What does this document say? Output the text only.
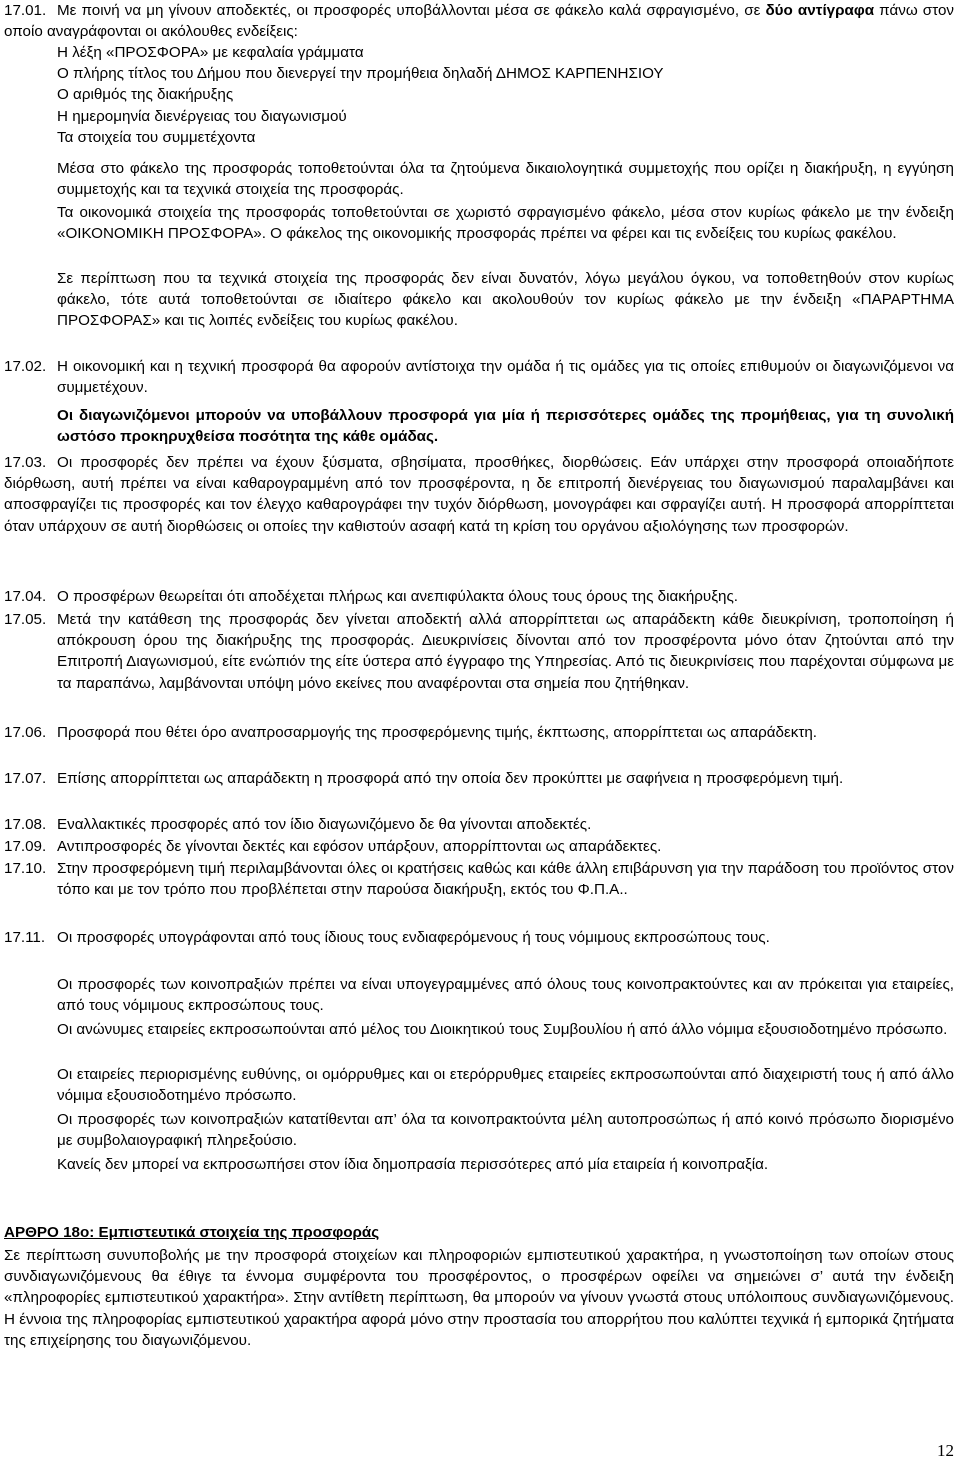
17.01. Με ποινή να μη γίνουν αποδεκτές, οι προσφορές υποβάλλονται μέσα σε φάκελο καλά σφραγισμένο, σε δύο αντίγραφα πάνω στον οποίο αναγράφονται οι ακόλουθες ενδείξεις:

Η λέξη «ΠΡΟΣΦΟΡΑ» με κεφαλαία γράμματα
Ο πλήρης τίτλος του Δήμου που διενεργεί την προμήθεια δηλαδή ΔΗΜΟΣ ΚΑΡΠΕΝΗΣΙΟΥ
Ο αριθμός της διακήρυξης
Η ημερομηνία διενέργειας του διαγωνισμού
Τα στοιχεία του συμμετέχοντα

Μέσα στο φάκελο της προσφοράς τοποθετούνται όλα τα ζητούμενα δικαιολογητικά συμμετοχής που ορίζει η διακήρυξη, η εγγύηση συμμετοχής και τα τεχνικά στοιχεία της προσφοράς.

Τα οικονομικά στοιχεία της προσφοράς τοποθετούνται σε χωριστό σφραγισμένο φάκελο, μέσα στον κυρίως φάκελο με την ένδειξη «ΟΙΚΟΝΟΜΙΚΗ ΠΡΟΣΦΟΡΑ». Ο φάκελος της οικονομικής προσφοράς πρέπει να φέρει και τις ενδείξεις του κυρίως φακέλου.

Σε περίπτωση που τα τεχνικά στοιχεία της προσφοράς δεν είναι δυνατόν, λόγω μεγάλου όγκου, να τοποθετηθούν στον κυρίως φάκελο, τότε αυτά τοποθετούνται σε ιδιαίτερο φάκελο και ακολουθούν τον κυρίως φάκελο με την ένδειξη «ΠΑΡΑΡΤΗΜΑ ΠΡΟΣΦΟΡΑΣ» και τις λοιπές ενδείξεις του κυρίως φακέλου.

17.02. Η οικονομική και η τεχνική προσφορά θα αφορούν αντίστοιχα την ομάδα ή τις ομάδες για τις οποίες επιθυμούν οι διαγωνιζόμενοι να συμμετέχουν.

Οι διαγωνιζόμενοι μπορούν να υποβάλλουν προσφορά για μία ή περισσότερες ομάδες της προμήθειας, για τη συνολική ωστόσο προκηρυχθείσα ποσότητα της κάθε ομάδας.

17.03. Οι προσφορές δεν πρέπει να έχουν ξύσματα, σβησίματα, προσθήκες, διορθώσεις. Εάν υπάρχει στην προσφορά οποιαδήποτε διόρθωση, αυτή πρέπει να είναι καθαρογραμμένη από τον προσφέροντα, η δε επιτροπή διενέργειας του διαγωνισμού παραλαμβάνει και αποσφραγίζει τις προσφορές και τον έλεγχο καθαρογράφει την τυχόν διόρθωση, μονογράφει και σφραγίζει αυτή. Η προσφορά απορρίπτεται όταν υπάρχουν σε αυτή διορθώσεις οι οποίες την καθιστούν ασαφή κατά τη κρίση του οργάνου αξιολόγησης των προσφορών.

17.04. Ο προσφέρων θεωρείται ότι αποδέχεται πλήρως και ανεπιφύλακτα όλους τους όρους της διακήρυξης.

17.05. Μετά την κατάθεση της προσφοράς δεν γίνεται αποδεκτή αλλά απορρίπτεται ως απαράδεκτη κάθε διευκρίνιση, τροποποίηση ή απόκρουση όρου της διακήρυξης της προσφοράς. Διευκρινίσεις δίνονται από τον προσφέροντα μόνο όταν ζητούνται από την Επιτροπή Διαγωνισμού, είτε ενώπιόν της είτε ύστερα από έγγραφο της Υπηρεσίας. Από τις διευκρινίσεις που παρέχονται σύμφωνα με τα παραπάνω, λαμβάνονται υπόψη μόνο εκείνες που αναφέρονται στα σημεία που ζητήθηκαν.

17.06. Προσφορά που θέτει όρο αναπροσαρμογής της προσφερόμενης τιμής, έκπτωσης, απορρίπτεται ως απαράδεκτη.

17.07. Επίσης απορρίπτεται ως απαράδεκτη η προσφορά από την οποία δεν προκύπτει με σαφήνεια η προσφερόμενη τιμή.

17.08. Εναλλακτικές προσφορές από τον ίδιο διαγωνιζόμενο δε θα γίνονται αποδεκτές.

17.09. Αντιπροσφορές δε γίνονται δεκτές και εφόσον υπάρξουν, απορρίπτονται ως απαράδεκτες.

17.10. Στην προσφερόμενη τιμή περιλαμβάνονται όλες οι κρατήσεις καθώς και κάθε άλλη επιβάρυνση για την παράδοση του προϊόντος στον τόπο και με τον τρόπο που προβλέπεται στην παρούσα διακήρυξη, εκτός του Φ.Π.Α..

17.11. Οι προσφορές υπογράφονται από τους ίδιους τους ενδιαφερόμενους ή τους νόμιμους εκπροσώπους τους.

Οι προσφορές των κοινοπραξιών πρέπει να είναι υπογεγραμμένες από όλους τους κοινοπρακτούντες και αν πρόκειται για εταιρείες, από τους νόμιμους εκπροσώπους τους.

Οι ανώνυμες εταιρείες εκπροσωπούνται από μέλος του Διοικητικού τους Συμβουλίου ή από άλλο νόμιμα εξουσιοδοτημένο πρόσωπο.

Οι εταιρείες περιορισμένης ευθύνης, οι ομόρρυθμες και οι ετερόρρυθμες εταιρείες εκπροσωπούνται από διαχειριστή τους ή από άλλο νόμιμα εξουσιοδοτημένο πρόσωπο.

Οι προσφορές των κοινοπραξιών κατατίθενται απ’ όλα τα κοινοπρακτούντα μέλη αυτοπροσώπως ή από κοινό πρόσωπο διορισμένο με συμβολαιογραφική πληρεξούσιο.

Κανείς δεν μπορεί να εκπροσωπήσει στον ίδια δημοπρασία περισσότερες από μία εταιρεία ή κοινοπραξία.

ΑΡΘΡΟ 18ο: Εμπιστευτικά στοιχεία της προσφοράς

Σε περίπτωση συνυποβολής με την προσφορά στοιχείων και πληροφοριών εμπιστευτικού χαρακτήρα, η γνωστοποίηση των οποίων στους συνδιαγωνιζόμενους θα έθιγε τα έννομα συμφέροντα του προσφέροντος, ο προσφέρων οφείλει να σημειώνει σ’ αυτά την ένδειξη «πληροφορίες εμπιστευτικού χαρακτήρα». Στην αντίθετη περίπτωση, θα μπορούν να γίνουν γνωστά στους υπόλοιπους συνδιαγωνιζόμενους. Η έννοια της πληροφορίας εμπιστευτικού χαρακτήρα αφορά μόνο στην προστασία του απορρήτου που καλύπτει τεχνικά ή εμπορικά ζητήματα της επιχείρησης του διαγωνιζόμενου.

12
